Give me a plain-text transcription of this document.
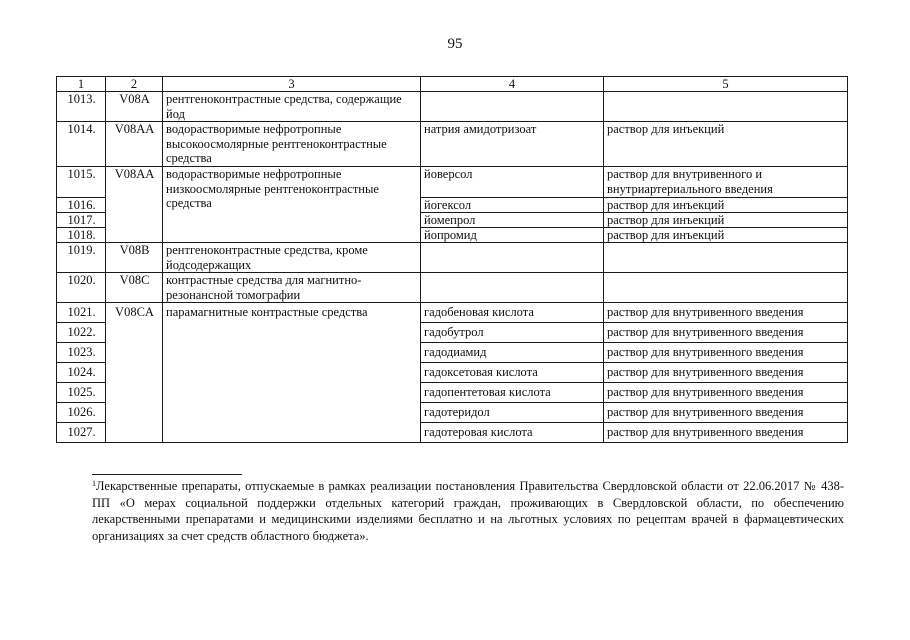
95
1	2	3	4	5
1013.	V08A	рентгеноконтрастные средства, содержащие йод		
1014.	V08AA	водорастворимые нефротропные высокоосмолярные рентгеноконтрастные средства	натрия амидотризоат	раствор для инъекций
1015.	V08AA	водорастворимые нефротропные низкоосмолярные рентгеноконтрастные средства	йоверсол	раствор для внутривенного и внутриартериального введения
1016.			йогексол	раствор для инъекций
1017.			йомепрол	раствор для инъекций
1018.			йопромид	раствор для инъекций
1019.	V08B	рентгеноконтрастные средства, кроме йодсодержащих		
1020.	V08C	контрастные средства для магнитно-резонансной томографии		
1021.	V08CA	парамагнитные контрастные средства	гадобеновая кислота	раствор для внутривенного введения
1022.			гадобутрол	раствор для внутривенного введения
1023.			гадодиамид	раствор для внутривенного введения
1024.			гадоксетовая кислота	раствор для внутривенного введения
1025.			гадопентетовая кислота	раствор для внутривенного введения
1026.			гадотеридол	раствор для внутривенного введения
1027.			гадотеровая кислота	раствор для внутривенного введения
$^1$Лекарственные препараты, отпускаемые в рамках реализации постановления Правительства Свердловской области от 22.06.2017 № 438-ПП «О мерах социальной поддержки отдельных категорий граждан, проживающих в Свердловской области, по обеспечению лекарственными препаратами и медицинскими изделиями бесплатно и на льготных условиях по рецептам врачей в фармацевтических организациях за счет средств областного бюджета».
